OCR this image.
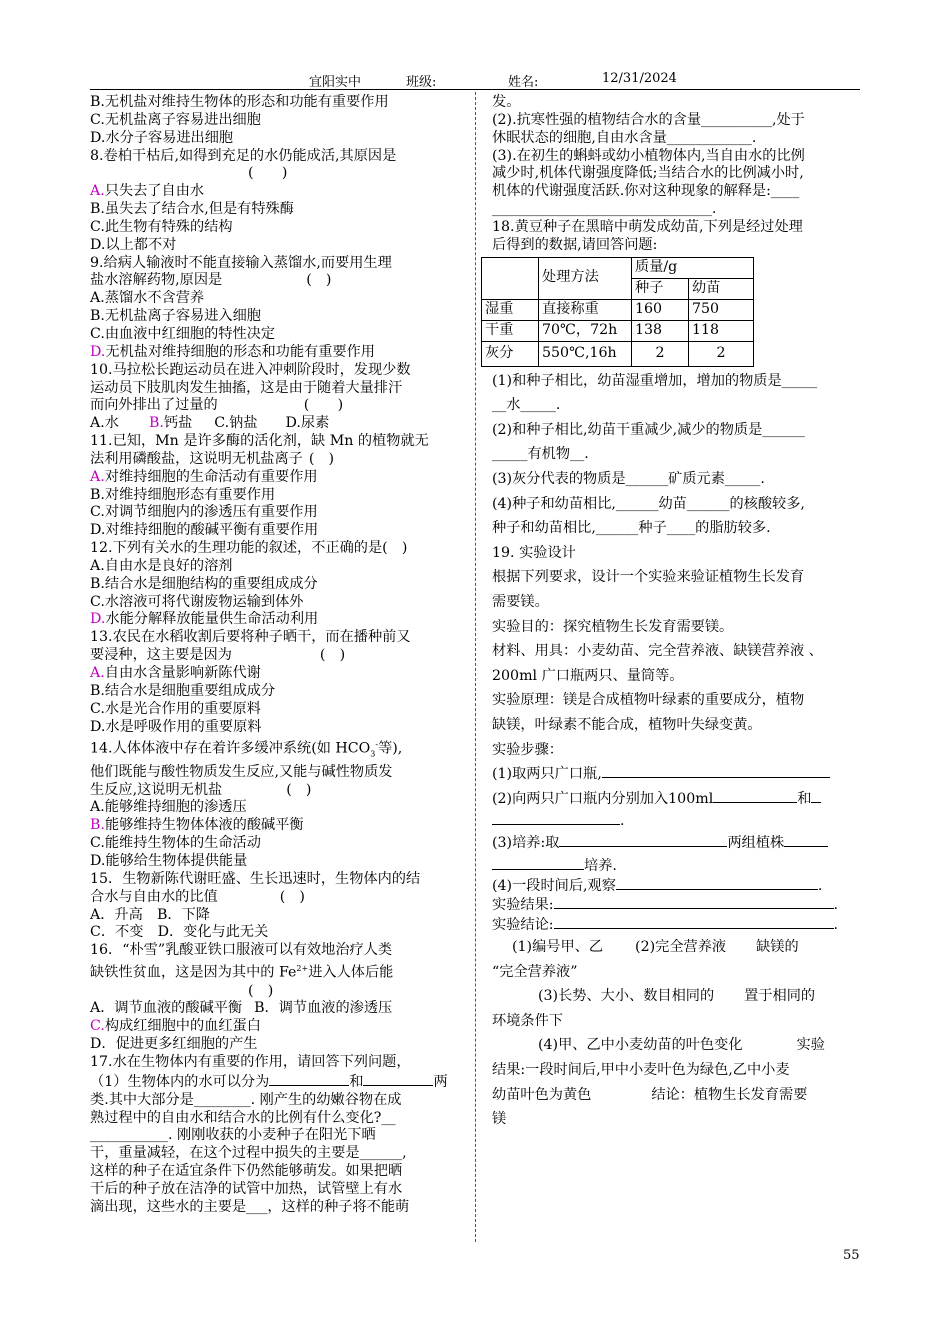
宜阳实中	班级:	姓名:	12/31/2024
B.无机盐对维持生物体的形态和功能有重要作用
C.无机盐离子容易进出细胞
D.水分子容易进出细胞
8.卷柏干枯后,如得到充足的水仍能成活,其原因是
(　　)
A.只失去了自由水
B.虽失去了结合水,但是有特殊酶
C.此生物有特殊的结构
D.以上都不对
9.给病人输液时不能直接输入蒸馏水,而要用生理
盐水溶解药物,原因是	(　)
A.蒸馏水不含营养
B.无机盐离子容易进入细胞
C.由血液中红细胞的特性决定
D.无机盐对维持细胞的形态和功能有重要作用
10.马拉松长跑运动员在进入冲刺阶段时，发现少数
运动员下肢肌肉发生抽搐，这是由于随着大量排汗
而向外排出了过量的	(　　)
A.水 B.钙盐 C.钠盐 D.尿素
11.已知，Mn 是许多酶的活化剂，缺 Mn 的植物就无
法利用磷酸盐，这说明无机盐离子 (　)
A.对维持细胞的生命活动有重要作用
B.对维持细胞形态有重要作用
C.对调节细胞内的渗透压有重要作用
D.对维持细胞的酸碱平衡有重要作用
12.下列有关水的生理功能的叙述，不正确的是(　)
A.自由水是良好的溶剂
B.结合水是细胞结构的重要组成成分
C.水溶液可将代谢废物运输到体外
D.水能分解释放能量供生命活动利用
13.农民在水稻收割后要将种子晒干，而在播种前又
要浸种，这主要是因为	(　)
A.自由水含量影响新陈代谢
B.结合水是细胞重要组成成分
C.水是光合作用的重要原料
D.水是呼吸作用的重要原料
14.人体体液中存在着许多缓冲系统(如 $HCO_3^-$等),
他们既能与酸性物质发生反应,又能与碱性物质发
生反应,这说明无机盐	(　)
A.能够维持细胞的渗透压
B.能够维持生物体体液的酸碱平衡
C.能维持生物体的生命活动
D.能够给生物体提供能量
15．生物新陈代谢旺盛、生长迅速时，生物体内的结
合水与自由水的比值	(　)
A．升高　B．下降
C．不变　D．变化与此无关
16．“朴雪”乳酸亚铁口服液可以有效地治疗人类
缺铁性贫血，这是因为其中的 $Fe^{2+}$进入人体后能
(　)
A．调节血液的酸碱平衡 B．调节血液的渗透压
C.构成红细胞中的血红蛋白
D．促进更多红细胞的产生
17.水在生物体内有重要的作用，请回答下列问题，
（1）生物体内的水可以分为	和	两
类.其中大部分是________. 刚产生的幼嫩谷物在成
熟过程中的自由水和结合水的比例有什么变化?__
___________. 刚刚收获的小麦种子在阳光下晒
干，重量减轻，在这个过程中损失的主要是______,
这样的种子在适宜条件下仍然能够萌发。如果把晒
干后的种子放在洁净的试管中加热，试管壁上有水
滴出现，这些水的主要是___，这样的种子将不能萌
发。
(2).抗寒性强的植物结合水的含量__________,处于
休眠状态的细胞,自由水含量____________.
(3).在初生的蝌蚪或幼小植物体内,当自由水的比例
减少时,机体代谢强度降低;当结合水的比例减小时,
机体的代谢强度活跃.你对这种现象的解释是:____
_______________________________.
18.黄豆种子在黑暗中萌发成幼苗,下列是经过处理
后得到的数据,请回答问题:
	处理方法	质量/g	
		种子	幼苗
湿重	直接称重	160	750
干重	70℃，72h	138	118
灰分	550℃,16h	2	2
(1)和种子相比，幼苗湿重增加，增加的物质是_____
__水_____.
(2)和种子相比,幼苗干重减少,减少的物质是______
_____有机物__.
(3)灰分代表的物质是______矿质元素_____.
(4)种子和幼苗相比,______幼苗______的核酸较多,
种子和幼苗相比,______种子____的脂肪较多.
19. 实验设计
根据下列要求，设计一个实验来验证植物生长发育
需要镁。
实验目的：探究植物生长发育需要镁。
材料、用具：小麦幼苗、完全营养液、缺镁营养液 、
200ml 广口瓶两只、量筒等。
实验原理：镁是合成植物叶绿素的重要成分，植物
缺镁，叶绿素不能合成，植物叶失绿变黄。
实验步骤：
(1)取两只广口瓶,
(2)向两只广口瓶内分别加入100ml	和
.
(3)培养:取	两组植株
培养.
(4)一段时间后,观察	.
实验结果:	.
实验结论:	.
(1)编号甲、乙 (2)完全营养液 缺镁的
“完全营养液”
(3)长势、大小、数目相同的 置于相同的
环境条件下
(4)甲、乙中小麦幼苗的叶色变化	实验
结果:一段时间后,甲中小麦叶色为绿色,乙中小麦
幼苗叶色为黄色	结论：植物生长发育需要
镁
55
